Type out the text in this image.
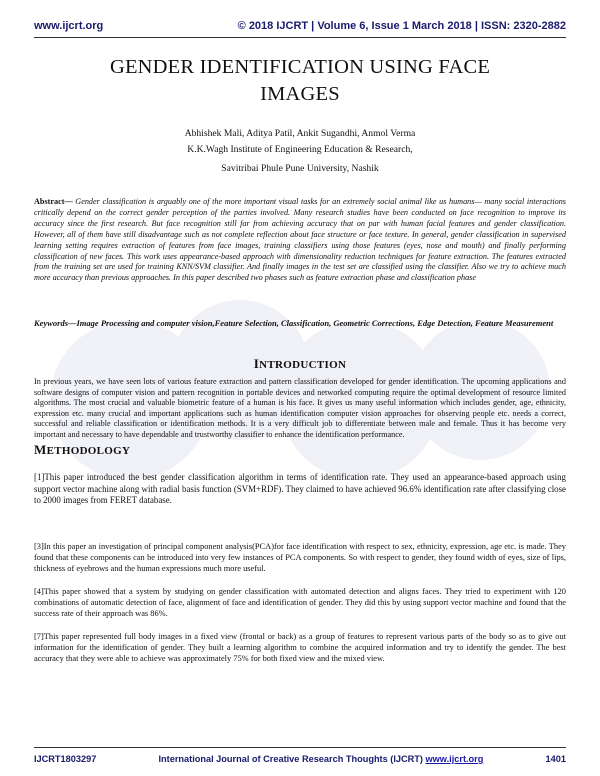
www.ijcrt.org	© 2018 IJCRT | Volume 6, Issue 1 March 2018 | ISSN: 2320-2882
GENDER IDENTIFICATION USING FACE
IMAGES
Abhishek Mali, Aditya Patil, Ankit Sugandhi, Anmol Verma
K.K.Wagh Institute of Engineering Education & Research,
Savitribai Phule Pune University, Nashik
Abstract— Gender classification is arguably one of the more important visual tasks for an extremely social animal like us humans— many social interactions critically depend on the correct gender perception of the parties involved. Many research studies have been conducted on face recognition to improve its accuracy since the first research. But face recognition still far from achieving accuracy that on par with human facial features and gender classification. However, all of them have still disadvantage such as not complete reflection about face structure or face texture. In general, gender classification in supervised learning setting requires extraction of features from face images, training classifiers using those features (eyes, nose and mouth) and finally performing classification of new faces. This work uses appearance-based approach with dimensionality reduction techniques for feature extraction. The features extracted from the training set are used for training KNN/SVM classifier. And finally images in the test set are classified using the classifier. Also we try to achieve much more accuracy than previous approaches. In this paper described two phases such as feature extraction phase and classification phase
Keywords—Image Processing and computer vision,Feature Selection, Classification, Geometric Corrections, Edge Detection, Feature Measurement
INTRODUCTION
In previous years, we have seen lots of various feature extraction and pattern classification developed for gender identification. The upcoming applications and software designs of computer vision and pattern recognition in portable devices and networked computing require the optimal development of resource limited algorithms. The most crucial and valuable biometric feature of a human is his face. It gives us many useful information which includes gender, age, ethnicity, expression etc. many crucial and important applications such as human identification computer vision approaches for observing people etc. needs a correct, successful and reliable classification or identification methods. It is a very difficult job to differentiate between male and female. Thus it has become very important and necessary to have dependable and trustworthy classifier to enhance the identification performance.
METHODOLOGY
[1]This paper introduced the best gender classification algorithm in terms of identification rate. They used an appearance-based approach using support vector machine along with radial basis function (SVM+RDF). They claimed to have achieved 96.6% identification rate after classifying close to 2000 images from FERET database.
[3]In this paper an investigation of principal component analysis(PCA)for face identification with respect to sex, ethnicity, expression, age etc. is made. They found that these components can be introduced into very few instances of PCA components. So with respect to gender, they found width of eyes, size of lips, thickness of eyebrows and the human expressions much more useful.
[4]This paper showed that a system by studying on gender classification with automated detection and aligns faces. They tried to experiment with 120 combinations of automatic detection of face, alignment of face and identification of gender. They did this by using support vector machine and found that the success rate of their approach was 86%.
[7]This paper represented full body images in a fixed view (frontal or back) as a group of features to represent various parts of the body so as to give out information for the identification of gender. They built a learning algorithm to combine the acquired information and try to identify the gender. The best accuracy that they were able to achieve was approximately 75% for both fixed view and the mixed view.
IJCRT1803297	International Journal of Creative Research Thoughts (IJCRT) www.ijcrt.org	1401
